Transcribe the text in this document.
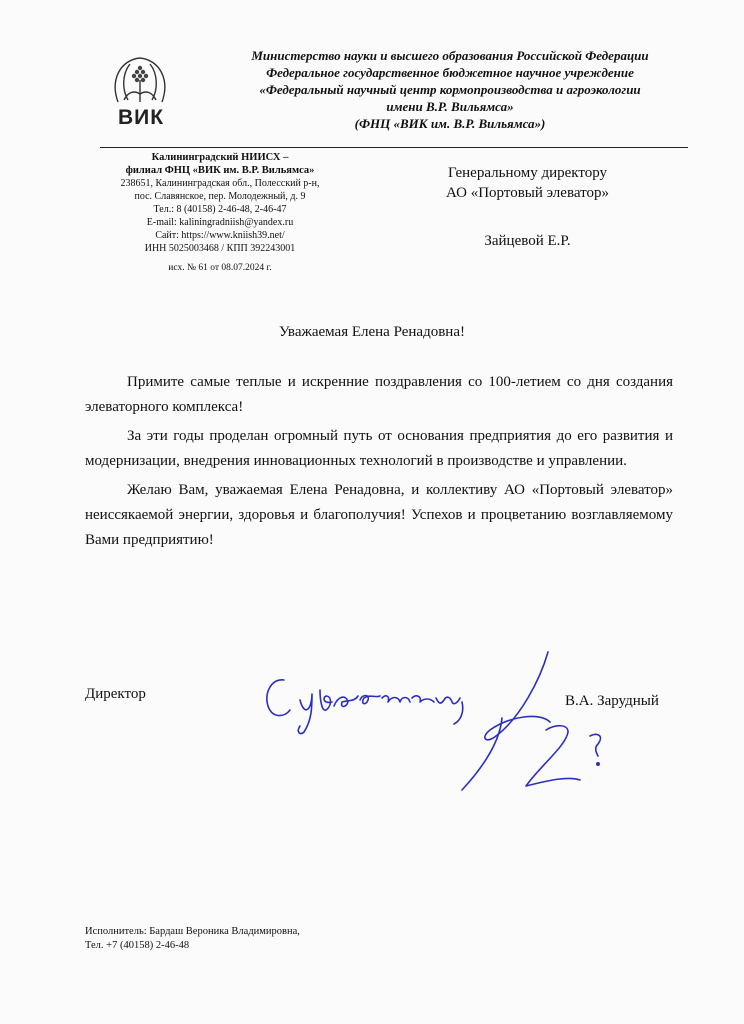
ВИК
Министерство науки и высшего образования Российской Федерации
Федеральное государственное бюджетное научное учреждение
«Федеральный научный центр кормопроизводства и агроэкологии
имени В.Р. Вильямса»
(ФНЦ «ВИК им. В.Р. Вильямса»)
Калининградский НИИСХ –
филиал ФНЦ «ВИК им. В.Р. Вильямса»
238651, Калининградская обл., Полесский р-н,
пос. Славянское, пер. Молодежный, д. 9
Тел.: 8 (40158) 2-46-48, 2-46-47
E-mail: kaliningradniish@yandex.ru
Сайт: https://www.kniish39.net/
ИНН 5025003468 / КПП 392243001
исх. № 61 от 08.07.2024 г.
Генеральному директору
АО «Портовый элеватор»
Зайцевой Е.Р.
Уважаемая Елена Ренадовна!

Примите самые теплые и искренние поздравления со 100-летием со дня создания элеваторного комплекса!

За эти годы проделан огромный путь от основания предприятия до его развития и модернизации, внедрения инновационных технологий в производстве и управлении.

Желаю Вам, уважаемая Елена Ренадовна, и коллективу АО «Портовый элеватор» неиссякаемой энергии, здоровья и благополучия! Успехов и процветанию возглавляемому Вами предприятию!

Директор	В.А. Зарудный
Исполнитель: Бардаш Вероника Владимировна,
Тел. +7 (40158) 2-46-48
